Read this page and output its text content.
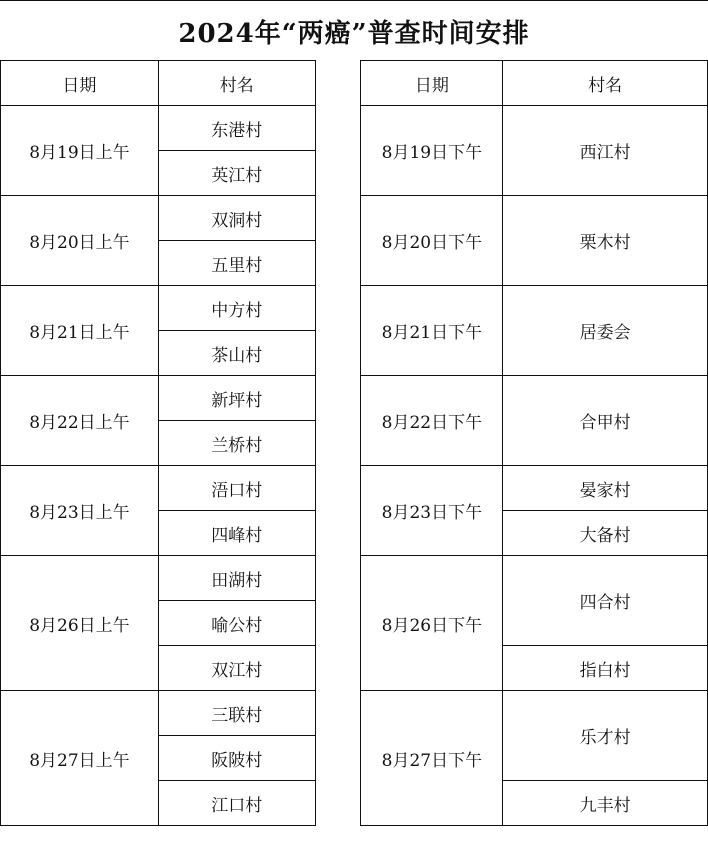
2024年“两癌”普查时间安排
日期	村名		日期	村名
8月19日上午	东港村		8月19日下午	西江村
	英江村			
8月20日上午	双洞村		8月20日下午	栗木村
	五里村			
8月21日上午	中方村		8月21日下午	居委会
	茶山村			
8月22日上午	新坪村		8月22日下午	合甲村
	兰桥村			
8月23日上午	浯口村		8月23日下午	晏家村
	四峰村			大备村
8月26日上午	田湖村		8月26日下午	四合村
	喻公村			
	双江村			指白村
8月27日上午	三联村		8月27日下午	乐才村
	阪陂村			
	江口村			九丰村
